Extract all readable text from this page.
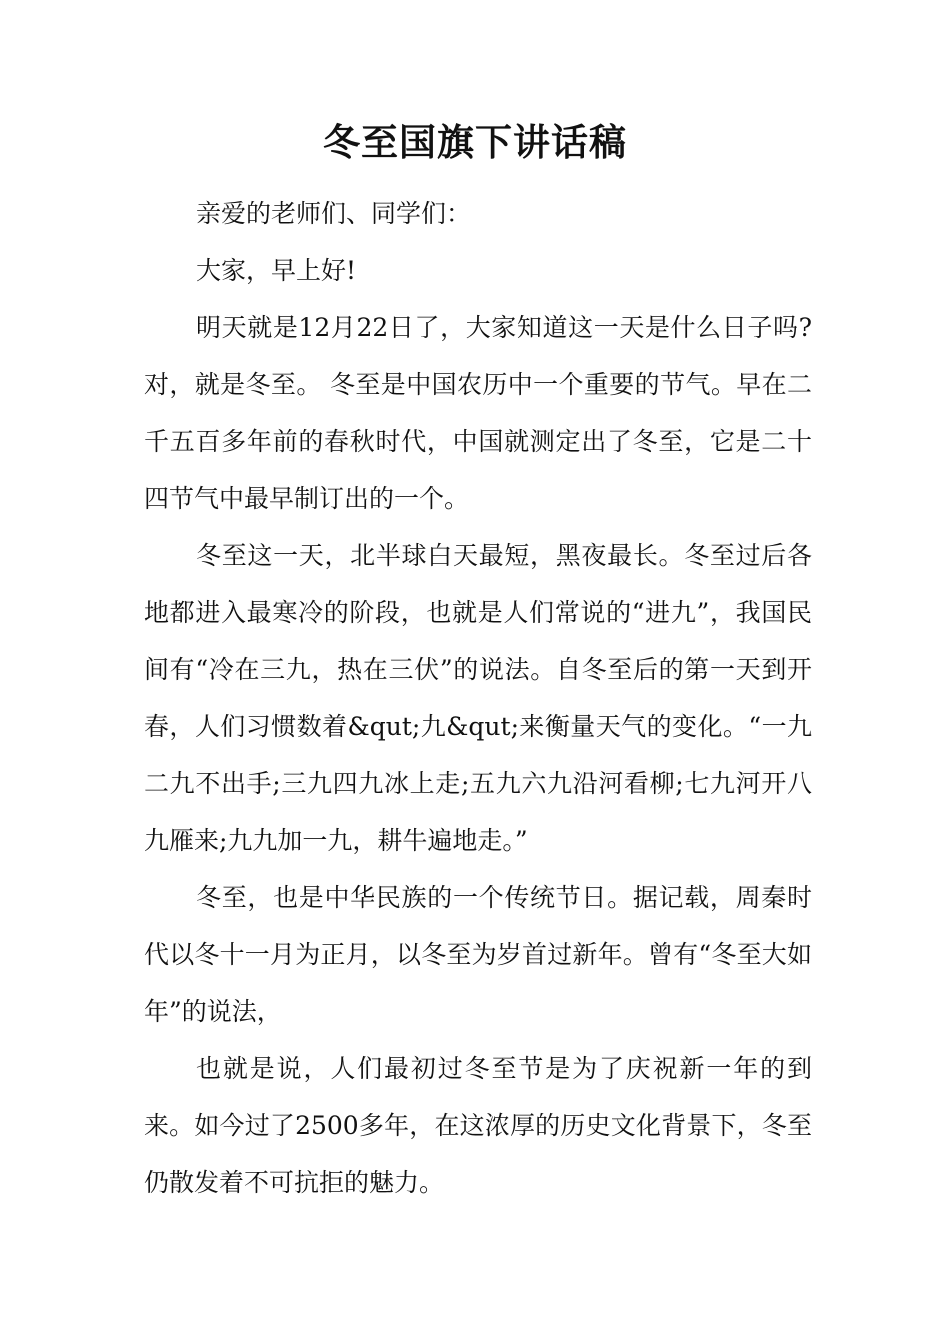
冬至国旗下讲话稿

亲爱的老师们、同学们：

大家，早上好!

明天就是12月22日了，大家知道这一天是什么日子吗?对，就是冬至。 冬至是中国农历中一个重要的节气。早在二千五百多年前的春秋时代，中国就测定出了冬至，它是二十四节气中最早制订出的一个。

冬至这一天，北半球白天最短，黑夜最长。冬至过后各地都进入最寒冷的阶段，也就是人们常说的“进九”，我国民间有“冷在三九，热在三伏”的说法。自冬至后的第一天到开春，人们习惯数着&qut;九&qut;来衡量天气的变化。“一九二九不出手;三九四九冰上走;五九六九沿河看柳;七九河开八九雁来;九九加一九，耕牛遍地走。”

冬至，也是中华民族的一个传统节日。据记载，周秦时代以冬十一月为正月，以冬至为岁首过新年。曾有“冬至大如年”的说法，

也就是说，人们最初过冬至节是为了庆祝新一年的到来。如今过了2500多年，在这浓厚的历史文化背景下，冬至仍散发着不可抗拒的魅力。
